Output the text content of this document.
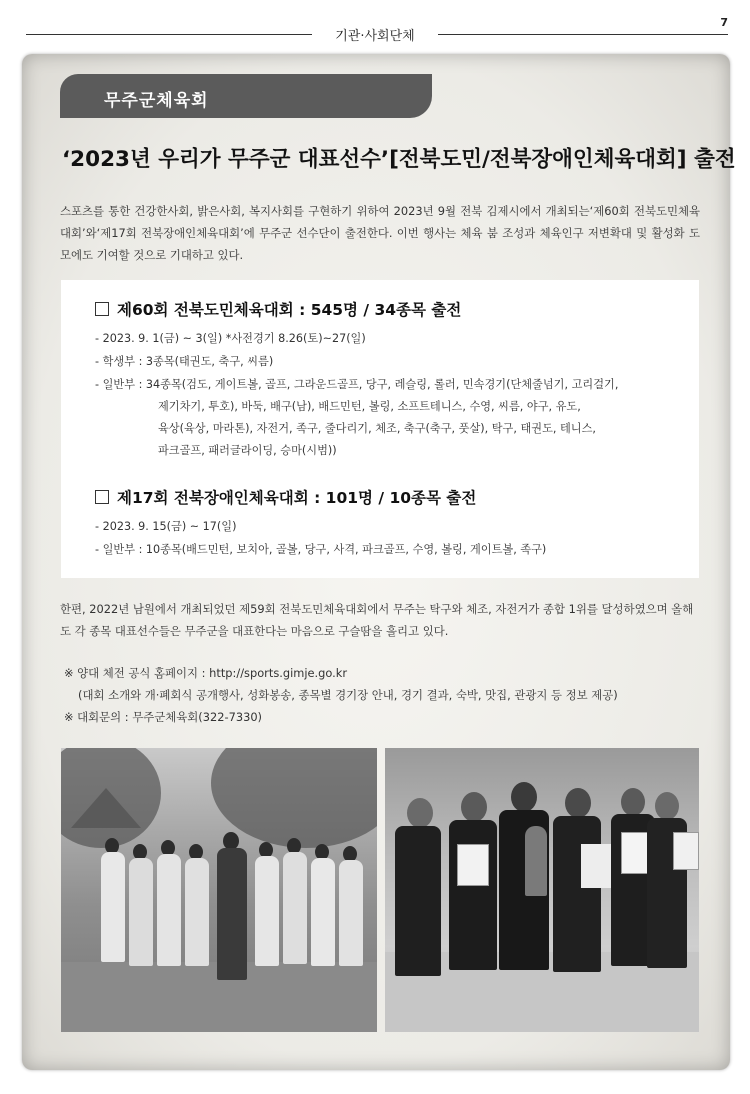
기관·사회단체
7
무주군체육회
‘2023년 우리가 무주군 대표선수’[전북도민/전북장애인체육대회] 출전
스포츠를 통한 건강한사회, 밝은사회, 복지사회를 구현하기 위하여 2023년 9월 전북 김제시에서 개최되는‘제60회 전북도민체육대회’와‘제17회 전북장애인체육대회’에 무주군 선수단이 출전한다. 이번 행사는 체육 붐 조성과 체육인구 저변확대 및 활성화 도모에도 기여할 것으로 기대하고 있다.
제60회 전북도민체육대회 : 545명 / 34종목 출전
- 2023. 9. 1(금) ~ 3(일) *사전경기 8.26(토)~27(일)
- 학생부 : 3종목(태권도, 축구, 씨름)
- 일반부 : 34종목(검도, 게이트볼, 골프, 그라운드골프, 당구, 레슬링, 롤러, 민속경기(단체줄넘기, 고리걸기,
제기차기, 투호), 바둑, 배구(남), 배드민턴, 볼링, 소프트테니스, 수영, 씨름, 야구, 유도,
육상(육상, 마라톤), 자전거, 족구, 줄다리기, 체조, 축구(축구, 풋살), 탁구, 태권도, 테니스,
파크골프, 패러글라이딩, 승마(시범))
제17회 전북장애인체육대회 : 101명 / 10종목 출전
- 2023. 9. 15(금) ~ 17(일)
- 일반부 : 10종목(배드민턴, 보치아, 골볼, 당구, 사격, 파크골프, 수영, 볼링, 게이트볼, 족구)
한편, 2022년 남원에서 개최되었던 제59회 전북도민체육대회에서 무주는 탁구와 체조, 자전거가 종합 1위를 달성하였으며 올해도 각 종목 대표선수들은 무주군을 대표한다는 마음으로 구슬땀을 흘리고 있다.
※ 양대 체전 공식 홈페이지 : http://sports.gimje.go.kr
(대회 소개와 개·폐회식 공개행사, 성화봉송, 종목별 경기장 안내, 경기 결과, 숙박, 맛집, 관광지 등 정보 제공)
※ 대회문의 : 무주군체육회(322-7330)
